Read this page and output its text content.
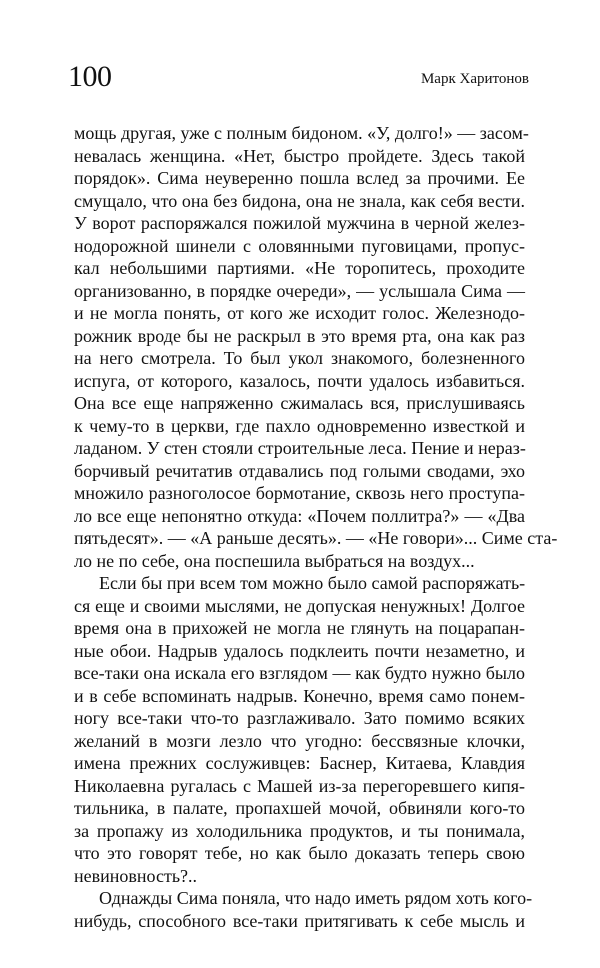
100	Марк Харитонов
мощь другая, уже с полным бидоном. «У, долго!» — засом-
невалась женщина. «Нет, быстро пройдете. Здесь такой
порядок». Сима неуверенно пошла вслед за прочими. Ее
смущало, что она без бидона, она не знала, как себя вести.
У ворот распоряжался пожилой мужчина в черной желез-
нодорожной шинели с оловянными пуговицами, пропус-
кал небольшими партиями. «Не торопитесь, проходите
организованно, в порядке очереди», — услышала Сима —
и не могла понять, от кого же исходит голос. Железнодо-
рожник вроде бы не раскрыл в это время рта, она как раз
на него смотрела. То был укол знакомого, болезненного
испуга, от которого, казалось, почти удалось избавиться.
Она все еще напряженно сжималась вся, прислушиваясь
к чему-то в церкви, где пахло одновременно известкой и
ладаном. У стен стояли строительные леса. Пение и нераз-
борчивый речитатив отдавались под голыми сводами, эхо
множило разноголосое бормотание, сквозь него проступа-
ло все еще непонятно откуда: «Почем поллитра?» — «Два
пятьдесят». — «А раньше десять». — «Не говори»... Симе ста-
ло не по себе, она поспешила выбраться на воздух...
Если бы при всем том можно было самой распоряжать-
ся еще и своими мыслями, не допуская ненужных! Долгое
время она в прихожей не могла не глянуть на поцарапан-
ные обои. Надрыв удалось подклеить почти незаметно, и
все-таки она искала его взглядом — как будто нужно было
и в себе вспоминать надрыв. Конечно, время само понем-
ногу все-таки что-то разглаживало. Зато помимо всяких
желаний в мозги лезло что угодно: бессвязные клочки,
имена прежних сослуживцев: Баснер, Китаева, Клавдия
Николаевна ругалась с Машей из-за перегоревшего кипя-
тильника, в палате, пропахшей мочой, обвиняли кого-то
за пропажу из холодильника продуктов, и ты понимала,
что это говорят тебе, но как было доказать теперь свою
невиновность?..
Однажды Сима поняла, что надо иметь рядом хоть кого-
нибудь, способного все-таки притягивать к себе мысль и
